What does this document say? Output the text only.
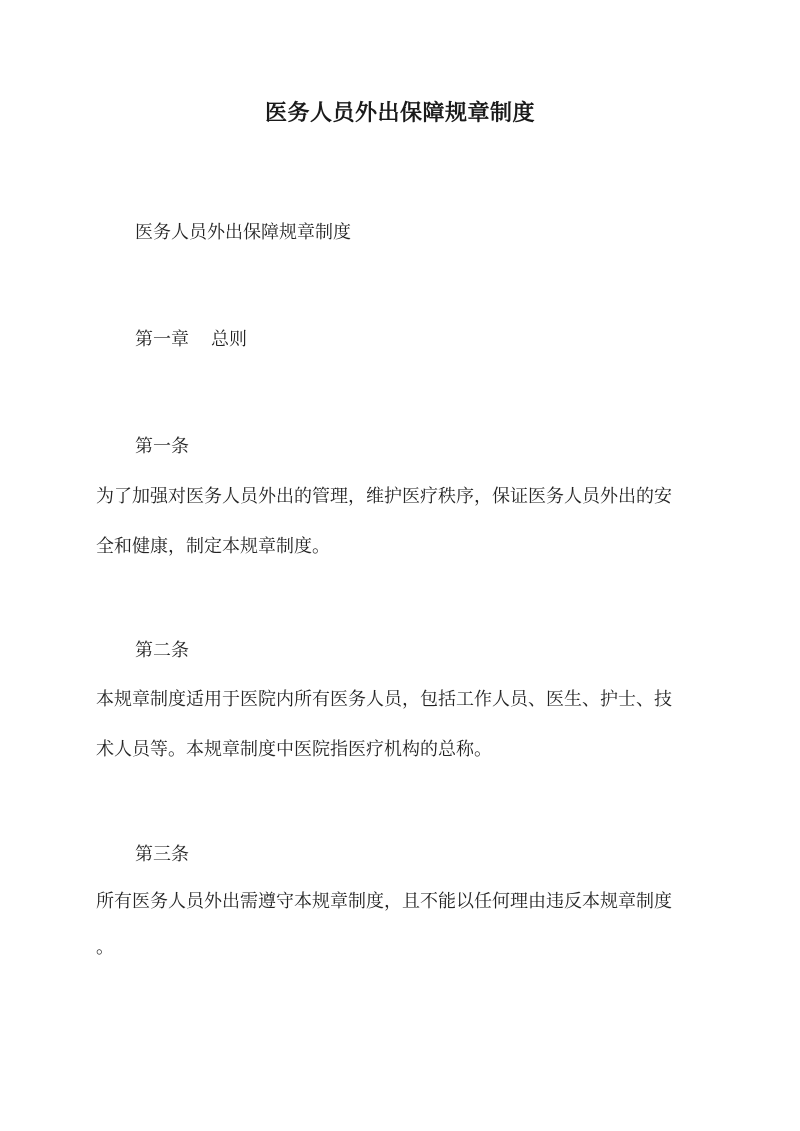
医务人员外出保障规章制度
医务人员外出保障规章制度
第一章 总则
第一条
为了加强对医务人员外出的管理，维护医疗秩序，保证医务人员外出的安
全和健康，制定本规章制度。
第二条
本规章制度适用于医院内所有医务人员，包括工作人员、医生、护士、技
术人员等。本规章制度中医院指医疗机构的总称。
第三条
所有医务人员外出需遵守本规章制度，且不能以任何理由违反本规章制度
。
